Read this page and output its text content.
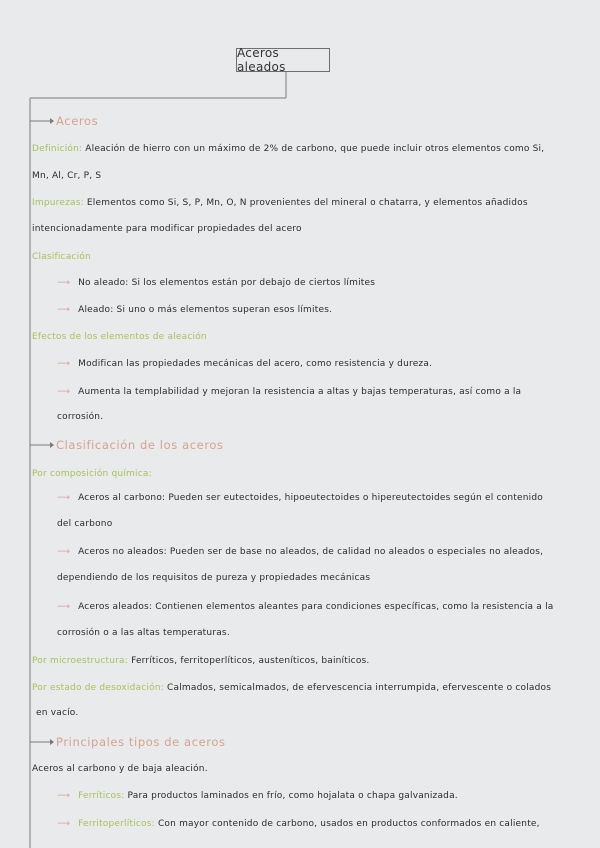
Aceros aleados
Aceros
Definición: Aleación de hierro con un máximo de 2% de carbono, que puede incluir otros elementos como Si,
Mn, Al, Cr, P, S
Impurezas: Elementos como Si, S, P, Mn, O, N provenientes del mineral o chatarra, y elementos añadidos
intencionadamente para modificar propiedades del acero
Clasificación
⟶ No aleado: Si los elementos están por debajo de ciertos límites
⟶ Aleado: Si uno o más elementos superan esos límites.
Efectos de los elementos de aleación
⟶ Modifican las propiedades mecánicas del acero, como resistencia y dureza.
⟶ Aumenta la templabilidad y mejoran la resistencia a altas y bajas temperaturas, así como a la
corrosión.
Clasificación de los aceros
Por composición química:
⟶ Aceros al carbono: Pueden ser eutectoides, hipoeutectoides o hipereutectoides según el contenido
del carbono
⟶ Aceros no aleados: Pueden ser de base no aleados, de calidad no aleados o especiales no aleados,
dependiendo de los requisitos de pureza y propiedades mecánicas
⟶ Aceros aleados: Contienen elementos aleantes para condiciones específicas, como la resistencia a la
corrosión o a las altas temperaturas.
Por microestructura: Ferríticos, ferritoperlíticos, austeníticos, bainíticos.
Por estado de desoxidación: Calmados, semicalmados, de efervescencia interrumpida, efervescente o colados
en vacío.
Principales tipos de aceros
Aceros al carbono y de baja aleación.
⟶ Ferríticos: Para productos laminados en frío, como hojalata o chapa galvanizada.
⟶ Ferritoperlíticos: Con mayor contenido de carbono, usados en productos conformados en caliente,
